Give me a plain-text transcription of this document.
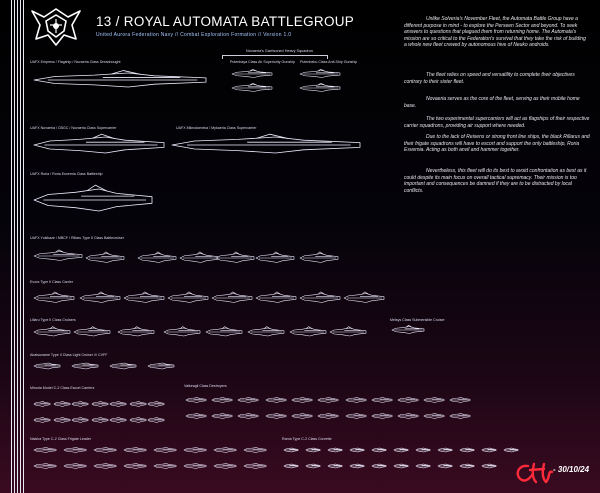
13 / ROYAL AUTOMATA BATTLEGROUP
United Aurora Federation Navy // Combat Exploration Formation // Version 1.0
Novaeria's Garrisoned Heavy Squadron
UAFX Empress / Flagship / Novaeria Class Dreadnought	Putenbaya Class Air Superiority Gunship Putenbahu Class Anti-Ship Gunship
UAFX Novaeria / CBGC / Novaeria Class Supercarrier	UAFX Mikrodomeka / Mykaeria Class Supercarrier
UAFX Roria / Roria Esvernia Class Battleship
UAFX Yukikaze / MBCF / Rillaru Type II Class Battlecruiser
Evora Type II Class Carrier
Lillaru Type II Class Cruisers	Melsys Class Submersible Cruiser
Akatsuname Type II Class Light Cruiser /// CVFF
Minoria Model C-2 Class Escort Carriers	Valkeagil Class Destroyers
Naisha Type C-2 Class Frigate Leader	Rama Type C-2 Class Corvette

Unlike Solveria's November Fleet, the Automata Battle Group have a different purpose in mind - to explore the Perseen Sector and beyond. To seek answers to questions that plagued them from returning home. The Automata's mission are so critical to the Federation's survival that they take the risk of building a whole new fleet crewed by autonomous hive of Neuko androids.

The fleet relies on speed and versatility to complete their objectives contrary to their sister fleet.

Novaeria serves as the core of the fleet, serving as their mobile home base.

The two experimental supercarriers will act as flagships of their respective carrier squadrons, providing air support where needed.

Due to the lack of Reisens or strong front line ships, the black Rillarus and their frigate squadrons will have to escort and support the only battleship, Roria Esvernia. Acting as both anvil and hammer together.

Nevertheless, this fleet will do its best to avoid confrontation as best as it could despite its main focus on overall tactical supremacy. Their mission is too important and consequences be damned if they are to be distracted by local conflicts.

- 30/10/24
